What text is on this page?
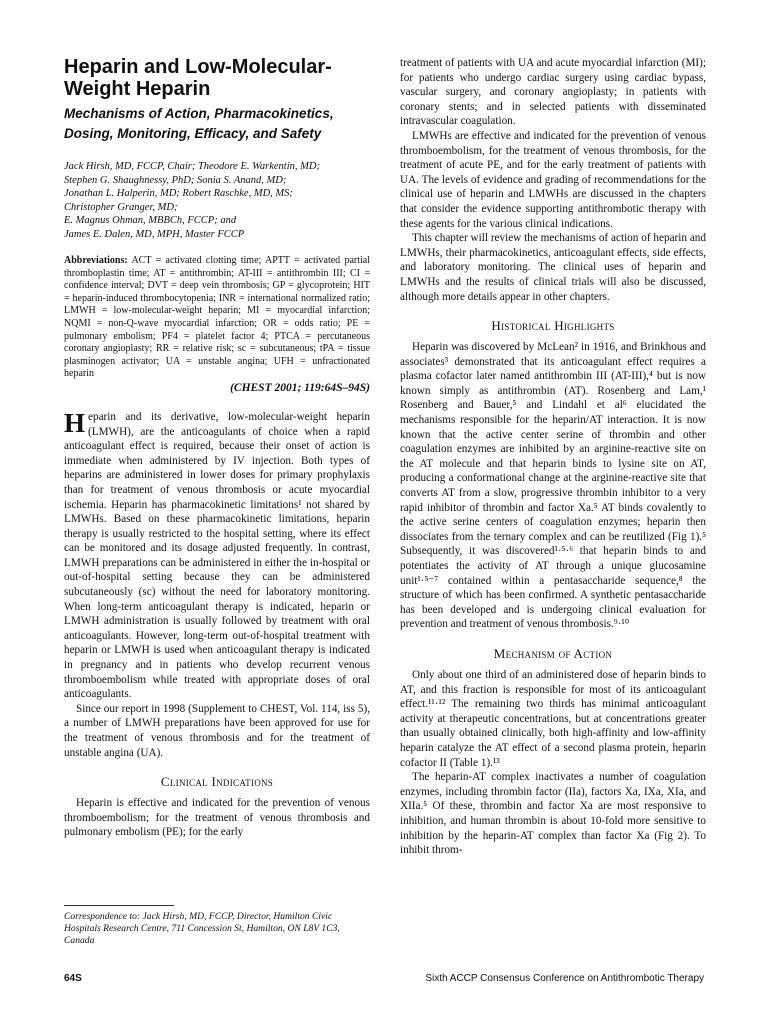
Heparin and Low-Molecular-Weight Heparin
Mechanisms of Action, Pharmacokinetics, Dosing, Monitoring, Efficacy, and Safety
Jack Hirsh, MD, FCCP, Chair; Theodore E. Warkentin, MD;
Stephen G. Shaughnessy, PhD; Sonia S. Anand, MD;
Jonathan L. Halperin, MD; Robert Raschke, MD, MS;
Christopher Granger, MD;
E. Magnus Ohman, MBBCh, FCCP; and
James E. Dalen, MD, MPH, Master FCCP

Abbreviations: ACT = activated clotting time; APTT = activated partial thromboplastin time; AT = antithrombin; AT-III = antithrombin III; CI = confidence interval; DVT = deep vein thrombosis; GP = glycoprotein; HIT = heparin-induced thrombocytopenia; INR = international normalized ratio; LMWH = low-molecular-weight heparin; MI = myocardial infarction; NQMI = non-Q-wave myocardial infarction; OR = odds ratio; PE = pulmonary embolism; PF4 = platelet factor 4; PTCA = percutaneous coronary angioplasty; RR = relative risk; sc = subcutaneous; tPA = tissue plasminogen activator; UA = unstable angina; UFH = unfractionated heparin

(CHEST 2001; 119:64S–94S)

Heparin and its derivative, low-molecular-weight heparin (LMWH), are the anticoagulants of choice when a rapid anticoagulant effect is required, because their onset of action is immediate when administered by IV injection. Both types of heparins are administered in lower doses for primary prophylaxis than for treatment of venous thrombosis or acute myocardial ischemia. Heparin has pharmacokinetic limitations¹ not shared by LMWHs. Based on these pharmacokinetic limitations, heparin therapy is usually restricted to the hospital setting, where its effect can be monitored and its dosage adjusted frequently. In contrast, LMWH preparations can be administered in either the in-hospital or out-of-hospital setting because they can be administered subcutaneously (sc) without the need for laboratory monitoring. When long-term anticoagulant therapy is indicated, heparin or LMWH administration is usually followed by treatment with oral anticoagulants. However, long-term out-of-hospital treatment with heparin or LMWH is used when anticoagulant therapy is indicated in pregnancy and in patients who develop recurrent venous thromboembolism while treated with appropriate doses of oral anticoagulants.

Since our report in 1998 (Supplement to CHEST, Vol. 114, iss 5), a number of LMWH preparations have been approved for use for the treatment of venous thrombosis and for the treatment of unstable angina (UA).

Clinical Indications

Heparin is effective and indicated for the prevention of venous thromboembolism; for the treatment of venous thrombosis and pulmonary embolism (PE); for the early

Correspondence to: Jack Hirsh, MD, FCCP, Director, Hamilton Civic Hospitals Research Centre, 711 Concession St, Hamilton, ON L8V 1C3, Canada

treatment of patients with UA and acute myocardial infarction (MI); for patients who undergo cardiac surgery using cardiac bypass, vascular surgery, and coronary angioplasty; in patients with coronary stents; and in selected patients with disseminated intravascular coagulation.

LMWHs are effective and indicated for the prevention of venous thromboembolism, for the treatment of venous thrombosis, for the treatment of acute PE, and for the early treatment of patients with UA. The levels of evidence and grading of recommendations for the clinical use of heparin and LMWHs are discussed in the chapters that consider the evidence supporting antithrombotic therapy with these agents for the various clinical indications.

This chapter will review the mechanisms of action of heparin and LMWHs, their pharmacokinetics, anticoagulant effects, side effects, and laboratory monitoring. The clinical uses of heparin and LMWHs and the results of clinical trials will also be discussed, although more details appear in other chapters.

Historical Highlights

Heparin was discovered by McLean² in 1916, and Brinkhous and associates³ demonstrated that its anticoagulant effect requires a plasma cofactor later named antithrombin III (AT-III),⁴ but is now known simply as antithrombin (AT). Rosenberg and Lam,¹ Rosenberg and Bauer,⁵ and Lindahl et al⁶ elucidated the mechanisms responsible for the heparin/AT interaction. It is now known that the active center serine of thrombin and other coagulation enzymes are inhibited by an arginine-reactive site on the AT molecule and that heparin binds to lysine site on AT, producing a conformational change at the arginine-reactive site that converts AT from a slow, progressive thrombin inhibitor to a very rapid inhibitor of thrombin and factor Xa.⁵ AT binds covalently to the active serine centers of coagulation enzymes; heparin then dissociates from the ternary complex and can be reutilized (Fig 1).⁵ Subsequently, it was discovered¹·⁵·⁶ that heparin binds to and potentiates the activity of AT through a unique glucosamine unit¹·⁵⁻⁷ contained within a pentasaccharide sequence,⁸ the structure of which has been confirmed. A synthetic pentasaccharide has been developed and is undergoing clinical evaluation for prevention and treatment of venous thrombosis.⁹·¹⁰

Mechanism of Action

Only about one third of an administered dose of heparin binds to AT, and this fraction is responsible for most of its anticoagulant effect.¹¹·¹² The remaining two thirds has minimal anticoagulant activity at therapeutic concentrations, but at concentrations greater than usually obtained clinically, both high-affinity and low-affinity heparin catalyze the AT effect of a second plasma protein, heparin cofactor II (Table 1).¹³

The heparin-AT complex inactivates a number of coagulation enzymes, including thrombin factor (IIa), factors Xa, IXa, XIa, and XIIa.⁵ Of these, thrombin and factor Xa are most responsive to inhibition, and human thrombin is about 10-fold more sensitive to inhibition by the heparin-AT complex than factor Xa (Fig 2). To inhibit throm-

64S	Sixth ACCP Consensus Conference on Antithrombotic Therapy
